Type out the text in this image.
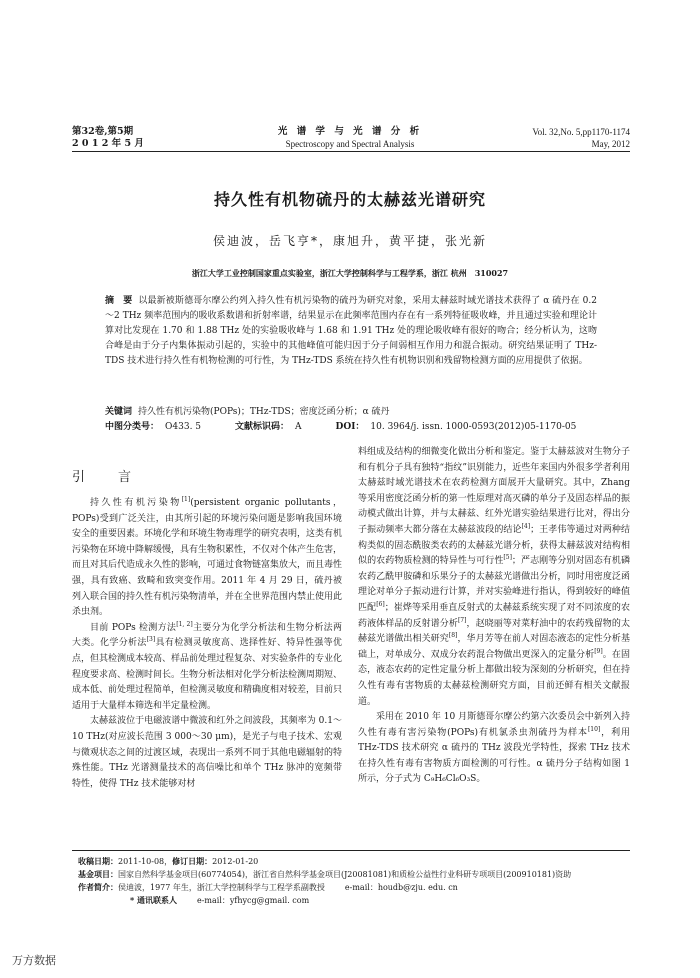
第32卷,第5期
2 0 1 2 年 5 月
光 谱 学 与 光 谱 分 析
Spectroscopy and Spectral Analysis
Vol. 32,No. 5,pp1170-1174
May, 2012
持久性有机物硫丹的太赫兹光谱研究
侯迪波，岳飞亨*，康旭升，黄平捷，张光新
浙江大学工业控制国家重点实验室，浙江大学控制科学与工程学系，浙江 杭州　310027
摘　要 以最新被斯德哥尔摩公约列入持久性有机污染物的硫丹为研究对象，采用太赫兹时域光谱技术获得了 α 硫丹在 0.2～2 THz 频率范围内的吸收系数谱和折射率谱，结果显示在此频率范围内存在有一系列特征吸收峰，并且通过实验和理论计算对比发现在 1.70 和 1.88 THz 处的实验吸收峰与 1.68 和 1.91 THz 处的理论吸收峰有很好的吻合；经分析认为，这吻合峰是由于分子内集体振动引起的，实验中的其他峰值可能归因于分子间弱相互作用力和混合振动。研究结果证明了 THz-TDS 技术进行持久性有机物检测的可行性，为 THz-TDS 系统在持久性有机物识别和残留物检测方面的应用提供了依据。
关键词 持久性有机污染物(POPs)；THz-TDS；密度泛函分析；α 硫丹
中图分类号： O433. 5	文献标识码： A	DOI： 10. 3964/j. issn. 1000-0593(2012)05-1170-05
引　言

持久性有机污染物[1](persistent organic pollutants，POPs)受到广泛关注，由其所引起的环境污染问题是影响我国环境安全的重要因素。环境化学和环境生物毒理学的研究表明，这类有机污染物在环境中降解缓慢，具有生物积累性，不仅对个体产生危害，而且对其后代造成永久性的影响，可通过食物链富集放大，而且毒性强，具有致癌、致畸和致突变作用。2011 年 4 月 29 日，硫丹被列入联合国的持久性有机污染物清单，并在全世界范围内禁止使用此杀虫剂。

目前 POPs 检测方法[1, 2]主要分为化学分析法和生物分析法两大类。化学分析法[3]具有检测灵敏度高、选择性好、特异性强等优点，但其检测成本较高、样品前处理过程复杂、对实验条件的专业化程度要求高、检测时间长。生物分析法相对化学分析法检测周期短、成本低、前处理过程简单，但检测灵敏度和精确度相对较差，目前只适用于大量样本筛选和半定量检测。

太赫兹波位于电磁波谱中微波和红外之间波段，其频率为 0.1～10 THz(对应波长范围 3 000～30 μm)，是光子与电子技术、宏观与微观状态之间的过渡区域，表现出一系列不同于其他电磁辐射的特殊性能。THz 光谱测量技术的高信噪比和单个 THz 脉冲的宽频带特性，使得 THz 技术能够对材

料组成及结构的细微变化做出分析和鉴定。鉴于太赫兹波对生物分子和有机分子具有独特“指纹”识别能力，近些年来国内外很多学者利用太赫兹时域光谱技术在农药检测方面展开大量研究。其中，Zhang 等采用密度泛函分析的第一性原理对高灭磷的单分子及固态样品的振动模式做出计算，并与太赫兹、红外光谱实验结果进行比对，得出分子振动频率大都分落在太赫兹波段的结论[4]；王孝伟等通过对两种结构类似的固态酰胺类农药的太赫兹光谱分析，获得太赫兹波对结构相似的农药物质检测的特异性与可行性[5]；严志刚等分别对固态有机磷农药乙酰甲胺磷和乐果分子的太赫兹光谱做出分析，同时用密度泛函理论对单分子振动进行计算，并对实验峰进行指认，得到较好的峰值匹配[6]；崔烨等采用垂直反射式的太赫兹系统实现了对不同浓度的农药液体样品的反射谱分析[7]，赵晓丽等对菜籽油中的农药残留物的太赫兹光谱做出相关研究[8]，华月芳等在前人对固态液态的定性分析基础上，对单成分、双成分农药混合物做出更深入的定量分析[9]。在固态，液态农药的定性定量分析上都做出较为深刻的分析研究，但在持久性有毒有害物质的太赫兹检测研究方面，目前还鲜有相关文献报道。

采用在 2010 年 10 月斯德哥尔摩公约第六次委员会中新列入持久性有毒有害污染物(POPs)有机氯杀虫剂硫丹为样本[10]，利用 THz-TDS 技术研究 α 硫丹的 THz 波段光学特性，探索 THz 技术在持久性有毒有害物质方面检测的可行性。α 硫丹分子结构如图 1 所示，分子式为 C₉H₆Cl₆O₃S。

收稿日期：2011-10-08，修订日期：2012-01-20
基金项目：国家自然科学基金项目(60774054)，浙江省自然科学基金项目(J20081081)和质检公益性行业科研专项项目(200910181)资助
作者简介：侯迪波，1977 年生，浙江大学控制科学与工程学系副教授	e-mail：houdb@zju. edu. cn
* 通讯联系人	e-mail：yfhycg@gmail. com
万方数据
